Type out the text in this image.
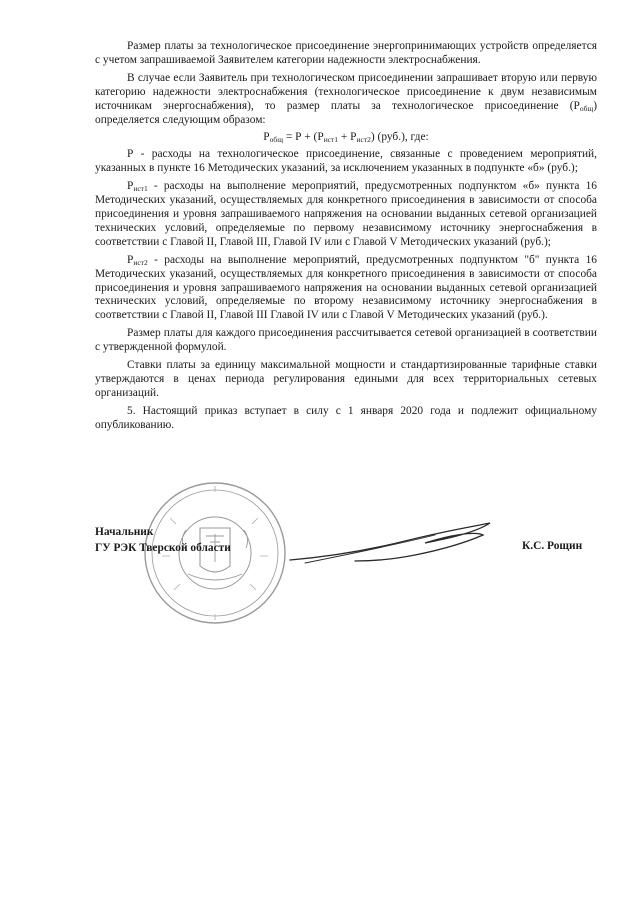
Размер платы за технологическое присоединение энергопринимающих устройств определяется с учетом запрашиваемой Заявителем категории надежности электроснабжения.

В случае если Заявитель при технологическом присоединении запрашивает вторую или первую категорию надежности электроснабжения (технологическое присоединение к двум независимым источникам энергоснабжения), то размер платы за технологическое присоединение $(Р_{общ})$ определяется следующим образом:

$Р_{общ} = Р + (Р_{ист1} + Р_{ист2})$ (руб.), где:

Р - расходы на технологическое присоединение, связанные с проведением мероприятий, указанных в пункте 16 Методических указаний, за исключением указанных в подпункте «б» (руб.);

$Р_{ист1}$ - расходы на выполнение мероприятий, предусмотренных подпунктом «б» пункта 16 Методических указаний, осуществляемых для конкретного присоединения в зависимости от способа присоединения и уровня запрашиваемого напряжения на основании выданных сетевой организацией технических условий, определяемые по первому независимому источнику энергоснабжения в соответствии с Главой II, Главой III, Главой IV или с Главой V Методических указаний (руб.);

$Р_{ист2}$ - расходы на выполнение мероприятий, предусмотренных подпунктом "б" пункта 16 Методических указаний, осуществляемых для конкретного присоединения в зависимости от способа присоединения и уровня запрашиваемого напряжения на основании выданных сетевой организацией технических условий, определяемые по второму независимому источнику энергоснабжения в соответствии с Главой II, Главой III Главой IV или с Главой V Методических указаний (руб.).

Размер платы для каждого присоединения рассчитывается сетевой организацией в соответствии с утвержденной формулой.

Ставки платы за единицу максимальной мощности и стандартизированные тарифные ставки утверждаются в ценах периода регулирования едиными для всех территориальных сетевых организаций.

5. Настоящий приказ вступает в силу с 1 января 2020 года и подлежит официальному опубликованию.

Начальник
ГУ РЭК Тверской области	К.С. Рощин
